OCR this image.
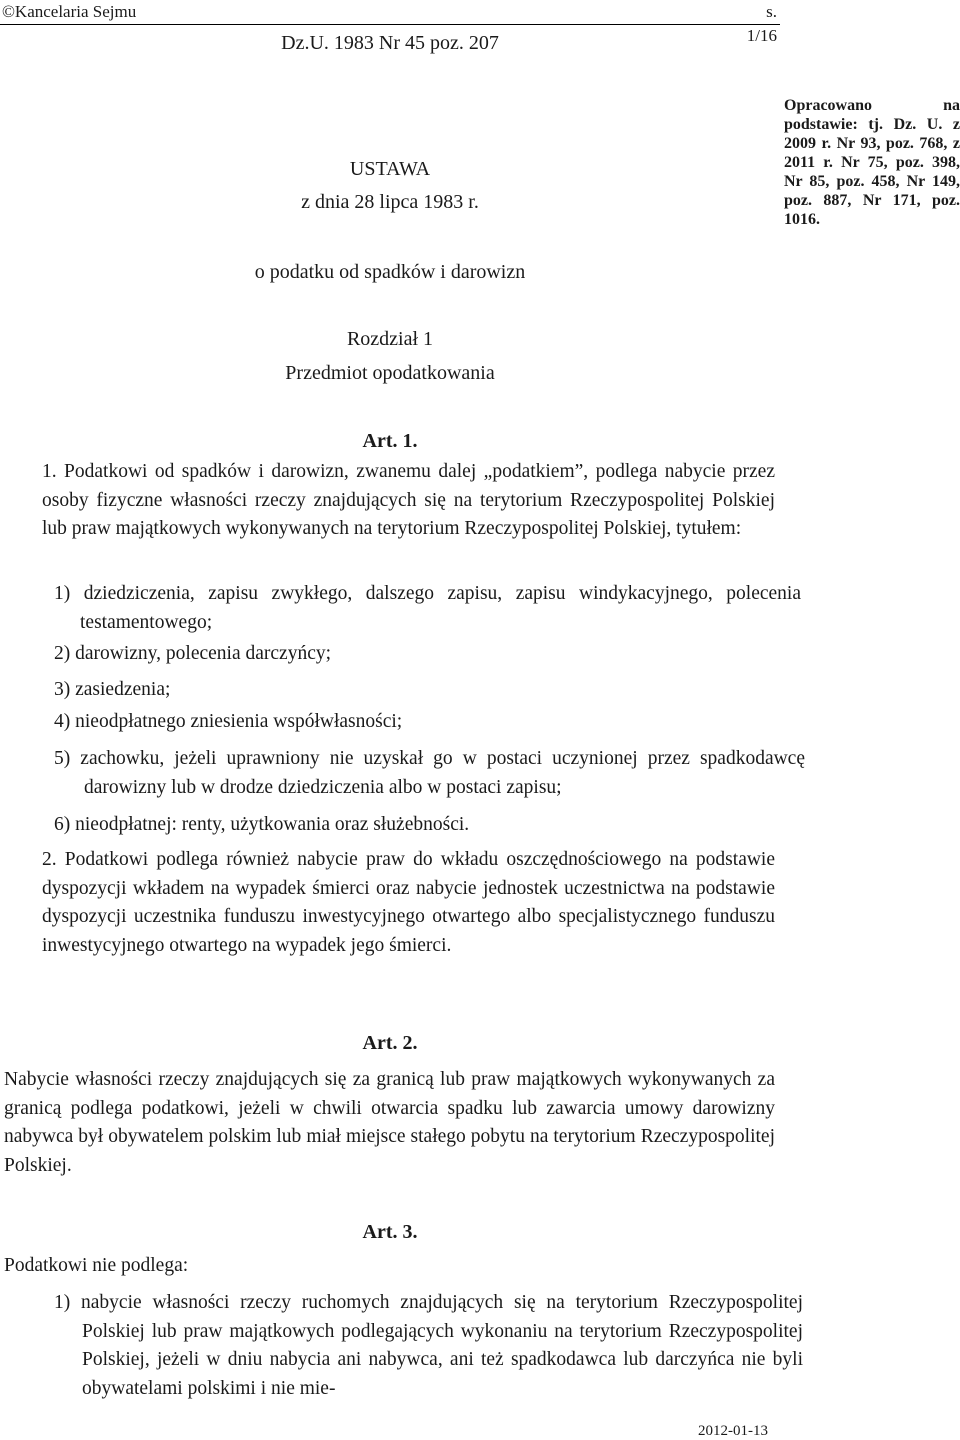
©Kancelaria Sejmu	s. 1/16
Dz.U. 1983 Nr 45 poz. 207
USTAWA
z dnia 28 lipca 1983 r.
o podatku od spadków i darowizn
Opracowano na podstawie: tj. Dz. U. z 2009 r. Nr 93, poz. 768, z 2011 r. Nr 75, poz. 398, Nr 85, poz. 458, Nr 149, poz. 887, Nr 171, poz. 1016.
Rozdział 1
Przedmiot opodatkowania
Art. 1.
1. Podatkowi od spadków i darowizn, zwanemu dalej „podatkiem”, podlega nabycie przez osoby fizyczne własności rzeczy znajdujących się na terytorium Rzeczypospolitej Polskiej lub praw majątkowych wykonywanych na terytorium Rzeczypospolitej Polskiej, tytułem:
1) dziedziczenia, zapisu zwykłego, dalszego zapisu, zapisu windykacyjnego, polecenia testamentowego;
2) darowizny, polecenia darczyńcy;
3) zasiedzenia;
4) nieodpłatnego zniesienia współwłasności;
5) zachowku, jeżeli uprawniony nie uzyskał go w postaci uczynionej przez spadkodawcę darowizny lub w drodze dziedziczenia albo w postaci zapisu;
6) nieodpłatnej: renty, użytkowania oraz służebności.
2. Podatkowi podlega również nabycie praw do wkładu oszczędnościowego na podstawie dyspozycji wkładem na wypadek śmierci oraz nabycie jednostek uczestnictwa na podstawie dyspozycji uczestnika funduszu inwestycyjnego otwartego albo specjalistycznego funduszu inwestycyjnego otwartego na wypadek jego śmierci.
Art. 2.
Nabycie własności rzeczy znajdujących się za granicą lub praw majątkowych wykonywanych za granicą podlega podatkowi, jeżeli w chwili otwarcia spadku lub zawarcia umowy darowizny nabywca był obywatelem polskim lub miał miejsce stałego pobytu na terytorium Rzeczypospolitej Polskiej.
Art. 3.
Podatkowi nie podlega:
1) nabycie własności rzeczy ruchomych znajdujących się na terytorium Rzeczypospolitej Polskiej lub praw majątkowych podlegających wykonaniu na terytorium Rzeczypospolitej Polskiej, jeżeli w dniu nabycia ani nabywca, ani też spadkodawca lub darczyńca nie byli obywatelami polskimi i nie mie-
2012-01-13
